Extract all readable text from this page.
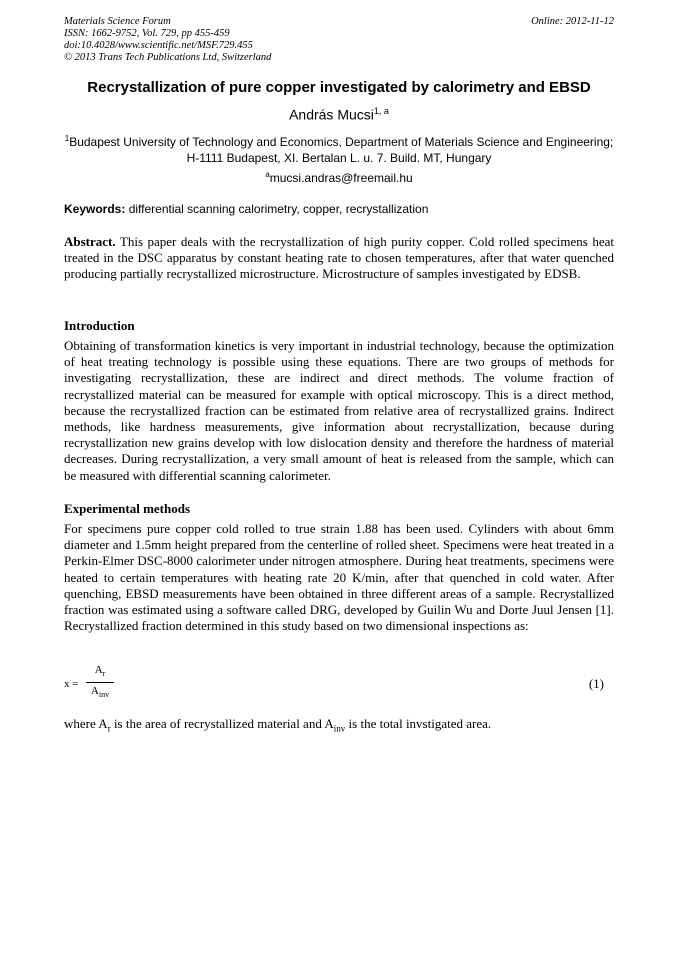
Materials Science Forum
ISSN: 1662-9752, Vol. 729, pp 455-459
doi:10.4028/www.scientific.net/MSF.729.455
© 2013 Trans Tech Publications Ltd, Switzerland
Online: 2012-11-12
Recrystallization of pure copper investigated by calorimetry and EBSD
András Mucsi$^{1, a}$
$^1$Budapest University of Technology and Economics, Department of Materials Science and Engineering; H-1111 Budapest, XI. Bertalan L. u. 7. Build. MT, Hungary
$^a$mucsi.andras@freemail.hu
Keywords: differential scanning calorimetry, copper, recrystallization
Abstract. This paper deals with the recrystallization of high purity copper. Cold rolled specimens heat treated in the DSC apparatus by constant heating rate to chosen temperatures, after that water quenched producing partially recrystallized microstructure. Microstructure of samples investigated by EDSB.
Introduction
Obtaining of transformation kinetics is very important in industrial technology, because the optimization of heat treating technology is possible using these equations. There are two groups of methods for investigating recrystallization, these are indirect and direct methods. The volume fraction of recrystallized material can be measured for example with optical microscopy. This is a direct method, because the recrystallized fraction can be estimated from relative area of recrystallized grains. Indirect methods, like hardness measurements, give information about recrystallization, because during recrystallization new grains develop with low dislocation density and therefore the hardness of material decreases. During recrystallization, a very small amount of heat is released from the sample, which can be measured with differential scanning calorimeter.
Experimental methods
For specimens pure copper cold rolled to true strain 1.88 has been used. Cylinders with about 6mm diameter and 1.5mm height prepared from the centerline of rolled sheet. Specimens were heat treated in a Perkin-Elmer DSC-8000 calorimeter under nitrogen atmosphere. During heat treatments, specimens were heated to certain temperatures with heating rate 20 K/min, after that quenched in cold water. After quenching, EBSD measurements have been obtained in three different areas of a sample. Recrystallized fraction was estimated using a software called DRG, developed by Guilin Wu and Dorte Juul Jensen [1]. Recrystallized fraction determined in this study based on two dimensional inspections as:
x =
$A_r$
$A_{inv}$
(1)
where $A_r$ is the area of recrystallized material and $A_{inv}$ is the total invstigated area.
